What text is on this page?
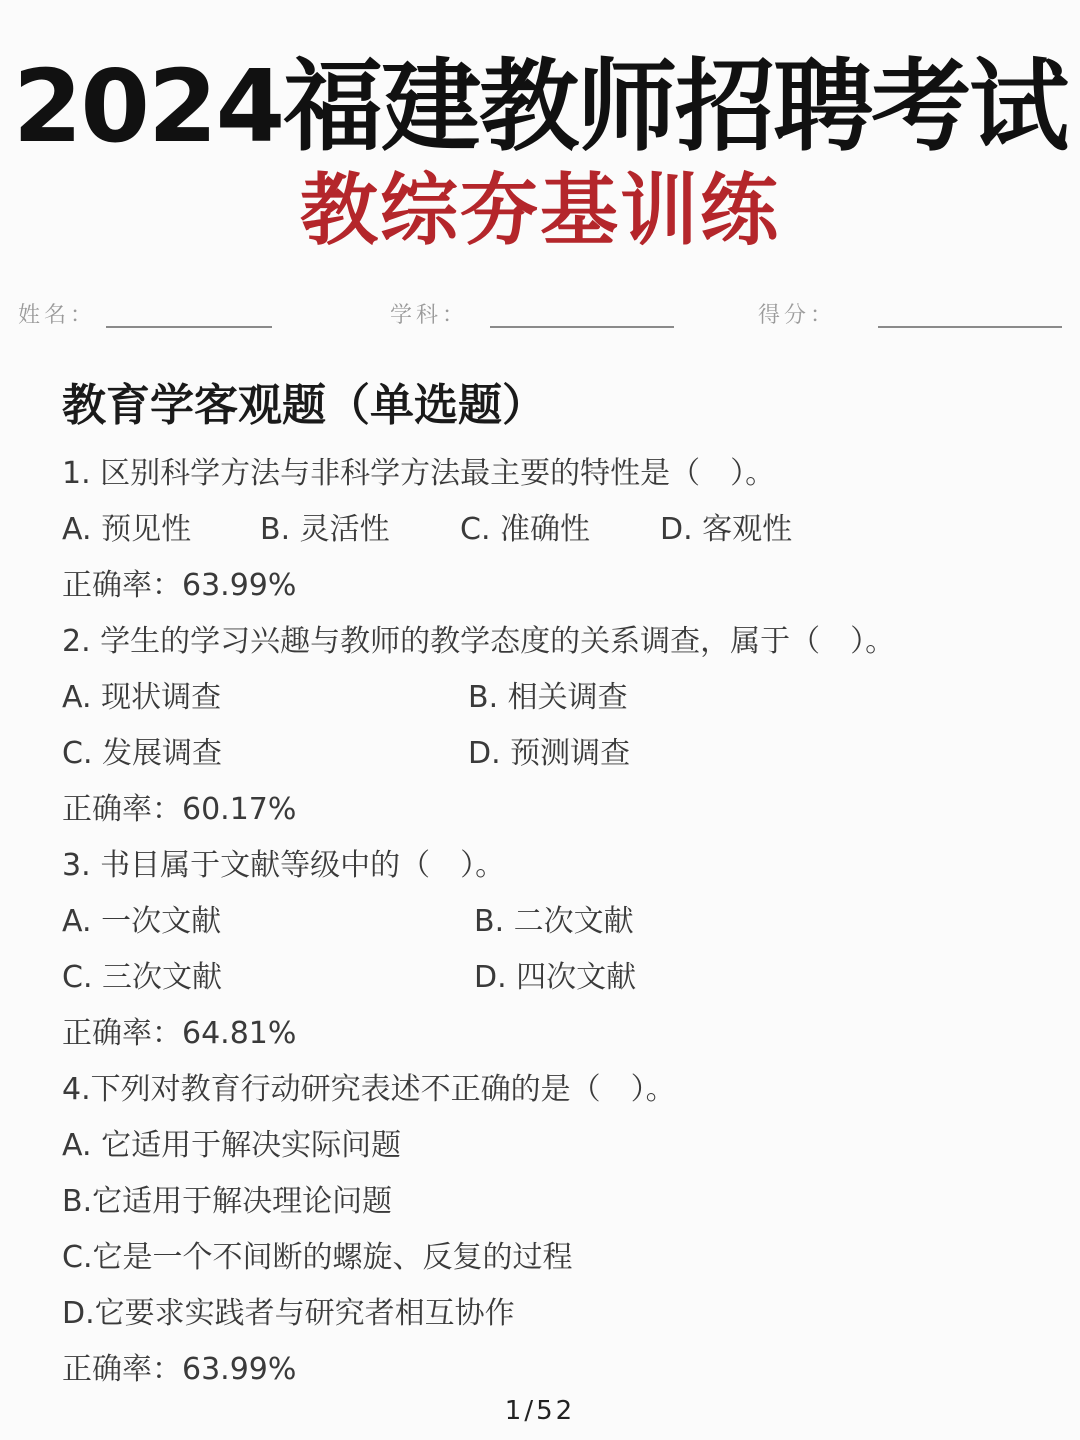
2024福建教师招聘考试
教综夯基训练
姓名：	学科：	得分：
教育学客观题（单选题）
1. 区别科学方法与非科学方法最主要的特性是（　）。
A. 预见性 B. 灵活性 C. 准确性 D. 客观性
正确率：63.99%
2. 学生的学习兴趣与教师的教学态度的关系调查，属于（　）。
A. 现状调查	B. 相关调查
C. 发展调查	D. 预测调查
正确率：60.17%
3. 书目属于文献等级中的（　）。
A. 一次文献	B. 二次文献
C. 三次文献	D. 四次文献
正确率：64.81%
4.下列对教育行动研究表述不正确的是（　）。
A. 它适用于解决实际问题
B.它适用于解决理论问题
C.它是一个不间断的螺旋、反复的过程
D.它要求实践者与研究者相互协作
正确率：63.99%
1/52
